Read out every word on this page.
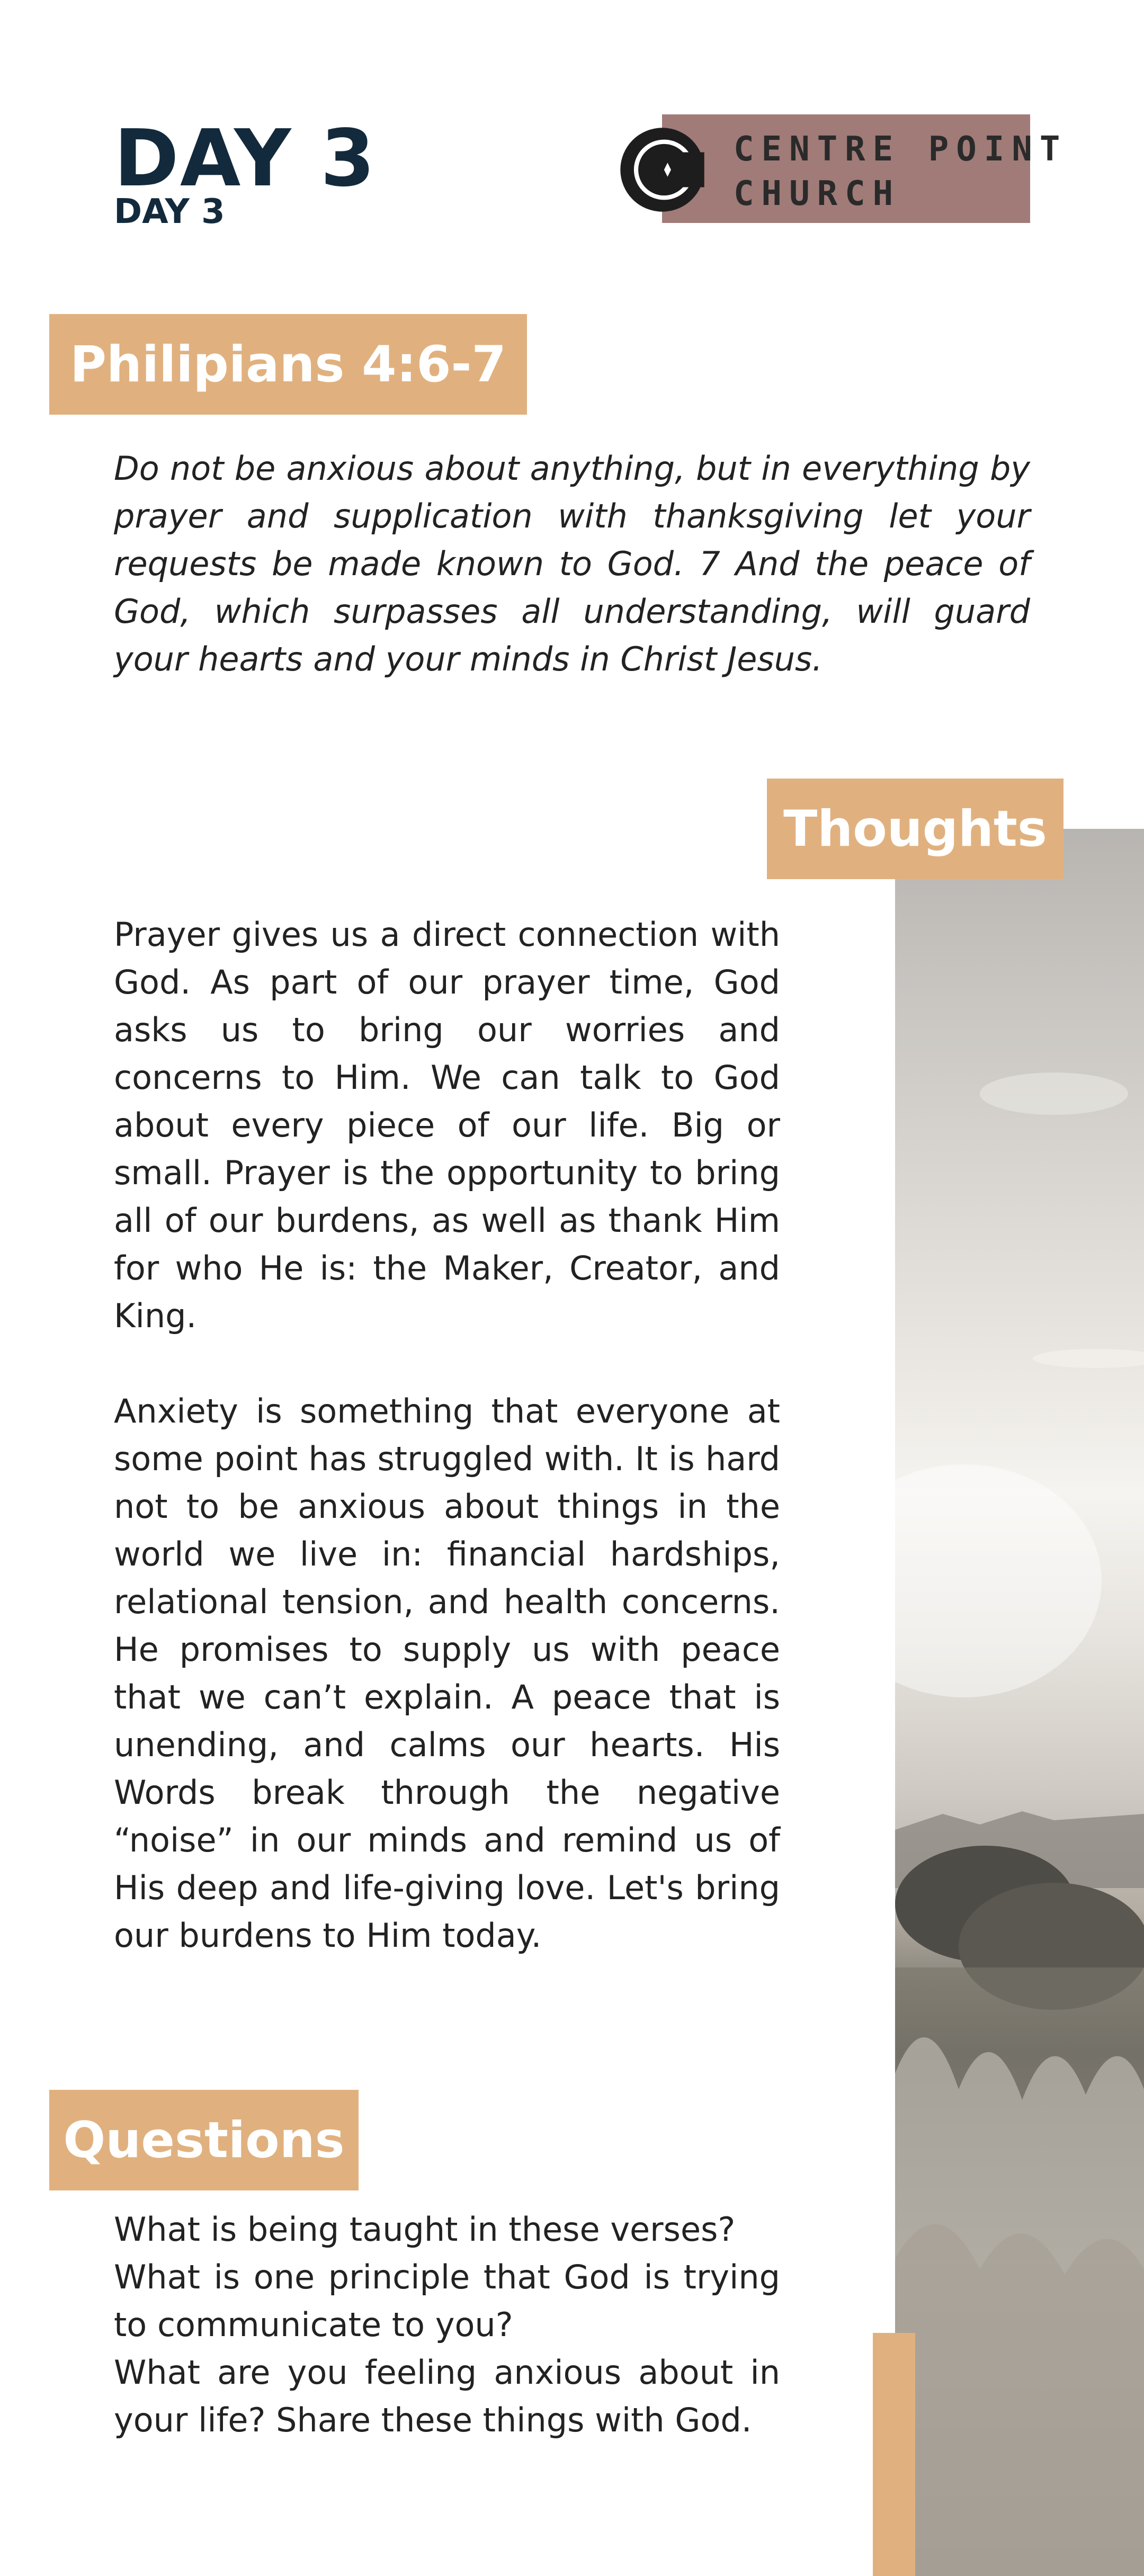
DAY 3
DAY 3
CENTRE POINT
CHURCH
Philipians 4:6-7
Do not be anxious about anything, but in everything by prayer and supplication with thanksgiving let your requests be made known to God. 7 And the peace of God, which surpasses all understanding, will guard your hearts and your minds in Christ Jesus.
Thoughts
Prayer gives us a direct connection with God. As part of our prayer time, God asks us to bring our worries and concerns to Him. We can talk to God about every piece of our life. Big or small. Prayer is the opportunity to bring all of our burdens, as well as thank Him for who He is: the Maker, Creator, and King.
Anxiety is something that everyone at some point has struggled with. It is hard not to be anxious about things in the world we live in: financial hardships, relational tension, and health concerns. He promises to supply us with peace that we can’t explain. A peace that is unending, and calms our hearts. His Words break through the negative “noise” in our minds and remind us of His deep and life-giving love. Let's bring our burdens to Him today.
Questions
What is being taught in these verses?
What is one principle that God is trying to communicate to you?
What are you feeling anxious about in your life? Share these things with God.
